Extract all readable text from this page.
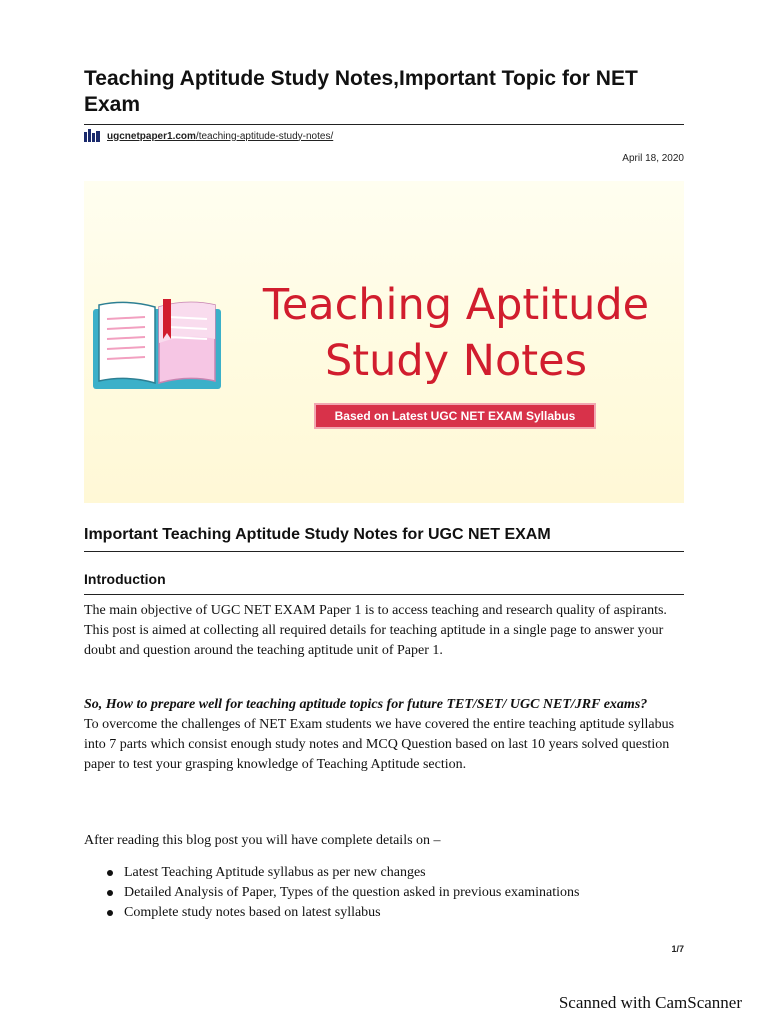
Teaching Aptitude Study Notes,Important Topic for NET Exam
ugcnetpaper1.com/teaching-aptitude-study-notes/
April 18, 2020
Teaching Aptitude
Study Notes
Based on Latest UGC NET EXAM Syllabus
Important Teaching Aptitude Study Notes for UGC NET EXAM
Introduction

The main objective of UGC NET EXAM Paper 1 is to access teaching and research quality of aspirants. This post is aimed at collecting all required details for teaching aptitude in a single page to answer your doubt and question around the teaching aptitude unit of Paper 1.

So, How to prepare well for teaching aptitude topics for future TET/SET/ UGC NET/JRF exams?
To overcome the challenges of NET Exam students we have covered the entire teaching aptitude syllabus into 7 parts which consist enough study notes and MCQ Question based on last 10 years solved question paper to test your grasping knowledge of Teaching Aptitude section.

After reading this blog post you will have complete details on –

Latest Teaching Aptitude syllabus as per new changes
Detailed Analysis of Paper, Types of the question asked in previous examinations
Complete study notes based on latest syllabus
1/7
Scanned with CamScanner
